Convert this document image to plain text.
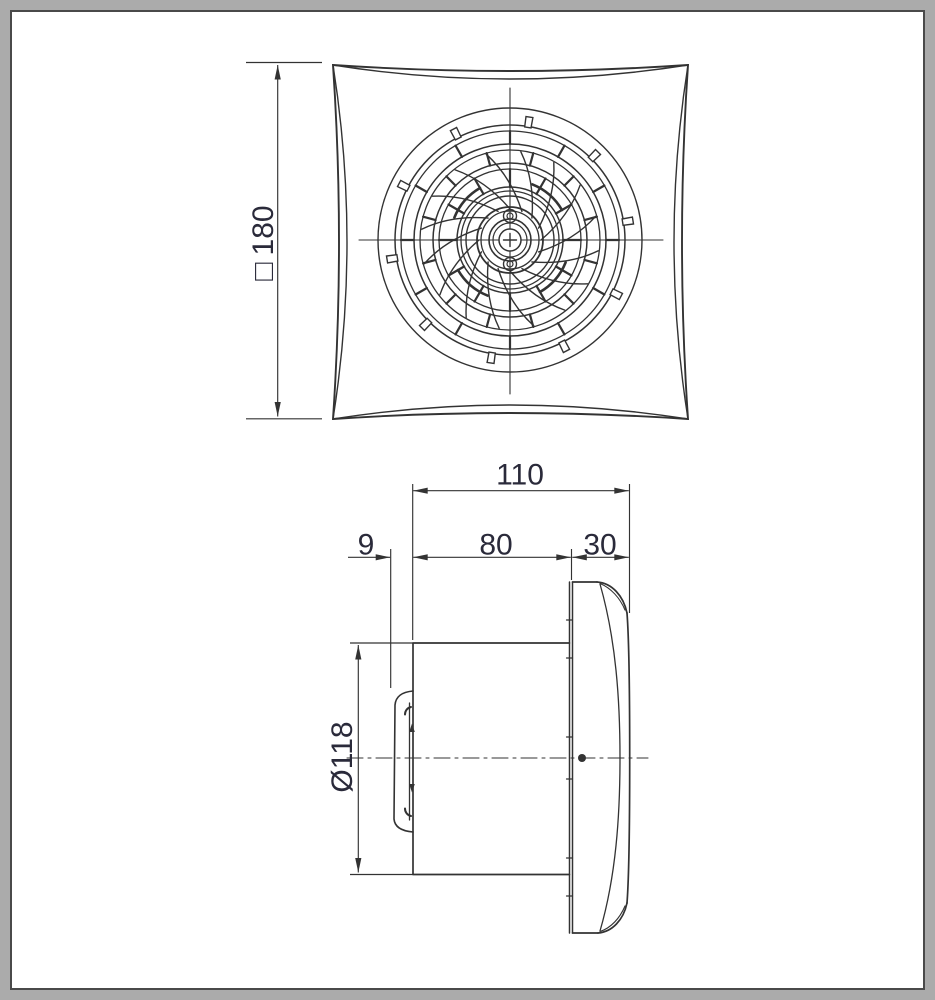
□180
110
9	80 30
Ø118
